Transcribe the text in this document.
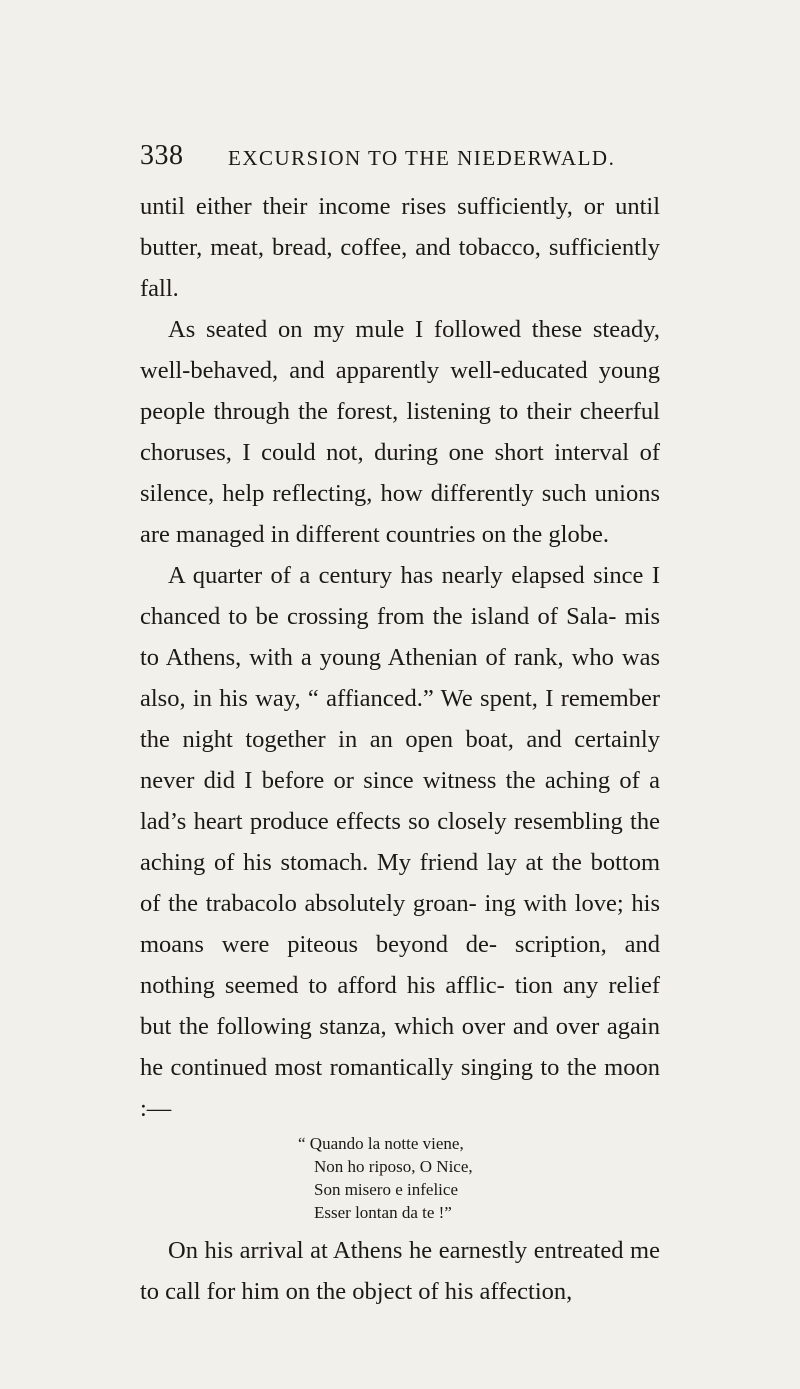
338 EXCURSION TO THE NIEDERWALD.

until either their income rises sufficiently, or until butter, meat, bread, coffee, and tobacco, sufficiently fall.

As seated on my mule I followed these steady, well-behaved, and apparently well-educated young people through the forest, listening to their cheerful choruses, I could not, during one short interval of silence, help reflecting, how differently such unions are managed in different countries on the globe.

A quarter of a century has nearly elapsed since I chanced to be crossing from the island of Sala- mis to Athens, with a young Athenian of rank, who was also, in his way, “ affianced.” We spent, I remember the night together in an open boat, and certainly never did I before or since witness the aching of a lad’s heart produce effects so closely resembling the aching of his stomach. My friend lay at the bottom of the trabacolo absolutely groan- ing with love; his moans were piteous beyond de- scription, and nothing seemed to afford his afflic- tion any relief but the following stanza, which over and over again he continued most romantically singing to the moon :—

“ Quando la notte viene,
Non ho riposo, O Nice,
Son misero e infelice
Esser lontan da te !”

On his arrival at Athens he earnestly entreated me to call for him on the object of his affection,
